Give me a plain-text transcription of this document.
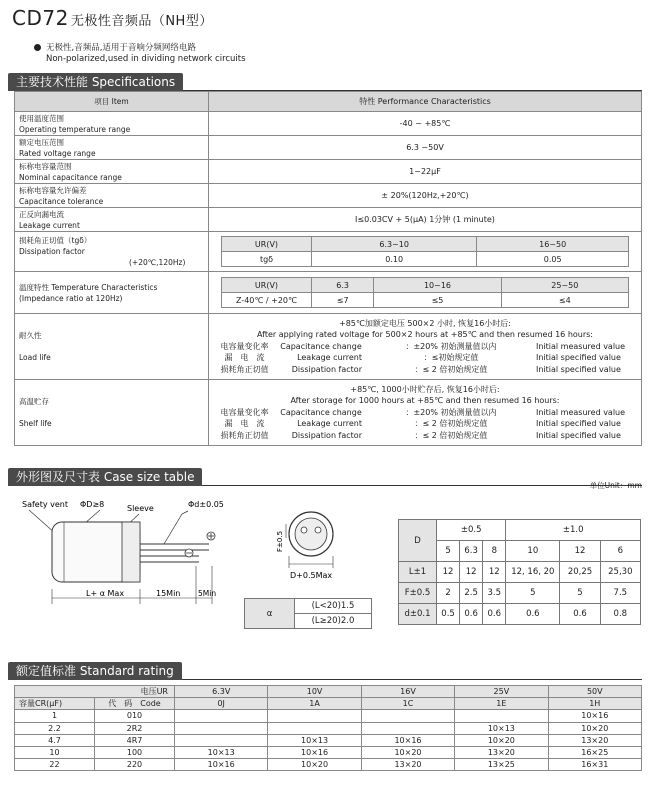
CD72 无极性音频品（NH型）
无极性,音频品,适用于音响分频网络电路
Non-polarized,used in dividing network circuits
主要技术性能 Specifications
项目 Item	特性 Performance Characteristics
使用温度范围
Operating temperature range	-40 ~ +85℃
额定电压范围
Rated voltage range	6.3 ~50V
标称电容量范围
Nominal capacitance range	1~22μF
标称电容量允许偏差
Capacitance tolerance	± 20%(120Hz,+20℃)
正反向漏电流
Leakage current	I≤0.03CV + 5(μA) 1分钟 (1 minute)
损耗角正切值（tgδ）
Dissipation factor
(+20℃,120Hz)	
UR(V)	6.3~10	16~50
tgδ	0.10	0.05

温度特性 Temperature Characteristics
(Impedance ratio at 120Hz)	
UR(V)	6.3	10~16	25~50
Z-40℃ / +20℃	≤7	≤5	≤4

耐久性

Load life	
+85℃加额定电压 500×2 小时, 恢复16小时后:
After applying rated voltage for 500×2 hours at +85℃ and then resumed 16 hours:
电容量变化率	Capacitance change	：±20% 初始测量值以内	Initial measured value
漏　电　流	Leakage current	：≤初始规定值	Initial specified value
损耗角正切值	Dissipation factor	：≤ 2 倍初始规定值	Initial specified value

高温贮存

Shelf life	
+85℃, 1000小时贮存后, 恢复16小时后:
After storage for 1000 hours at +85℃ and then resumed 16 hours:
电容量变化率	Capacitance change	：±20% 初始测量值以内	Initial measured value
漏　电　流	Leakage current	：≤ 2 倍初始规定值	Initial specified value
损耗角正切值	Dissipation factor	：≤ 2 倍初始规定值	Initial specified value
外形图及尺寸表 Case size table
单位Unit：mm
Safety vent ΦD≥8	Sleeve	Φd±0.05
L+ α Max	15Min 5Min
D+0.5Max
F±0.5
α	(L<20)1.5
(L≥20)2.0
D	±0.5			±1.0		
	5	6.3	8	10	12	6
L±1	12	12	12	12, 16, 20	20,25	25,30
F±0.5	2	2.5	3.5	5	5	7.5
d±0.1	0.5	0.6	0.6	0.6	0.6	0.8
额定值标准 Standard rating
电压UR		6.3V	10V	16V	25V	50V
容量CR(μF)	代　码　Code	0J	1A	1C	1E	1H
1	010					10×16
2.2	2R2				10×13	10×20
4.7	4R7		10×13	10×16	10×20	13×20
10	100	10×13	10×16	10×20	13×20	16×25
22	220	10×16	10×20	13×20	13×25	16×31
